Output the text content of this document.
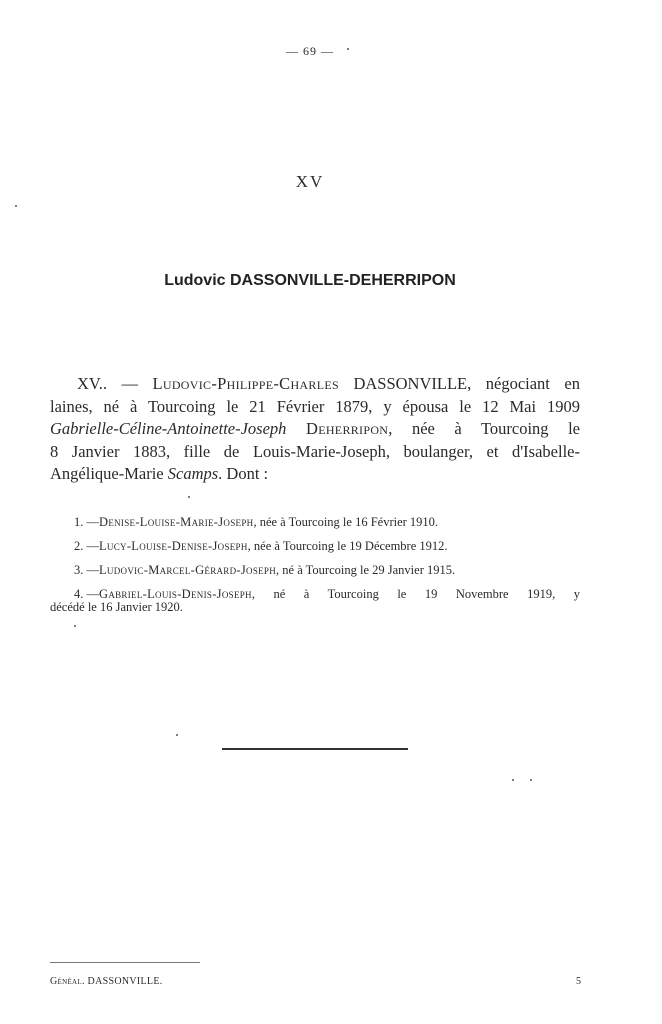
— 69 —
XV
Ludovic DASSONVILLE-DEHERRIPON
XV.. — Ludovic-Philippe-Charles DASSONVILLE, négociant en
laines, né à Tourcoing le 21 Février 1879, y épousa le 12 Mai 1909
Gabrielle-Céline-Antoinette-Joseph Deherripon, née à Tourcoing le
8 Janvier 1883, fille de Louis-Marie-Joseph, boulanger, et d'Isabelle-
Angélique-Marie Scamps. Dont :
1. —Denise-Louise-Marie-Joseph, née à Tourcoing le 16 Février 1910.
2. —Lucy-Louise-Denise-Joseph, née à Tourcoing le 19 Décembre 1912.
3. —Ludovic-Marcel-Gérard-Joseph, né à Tourcoing le 29 Janvier 1915.
4. —Gabriel-Louis-Denis-Joseph, né à Tourcoing le 19 Novembre 1919, y
décédé le 16 Janvier 1920.
Généal. DASSONVILLE.	5
